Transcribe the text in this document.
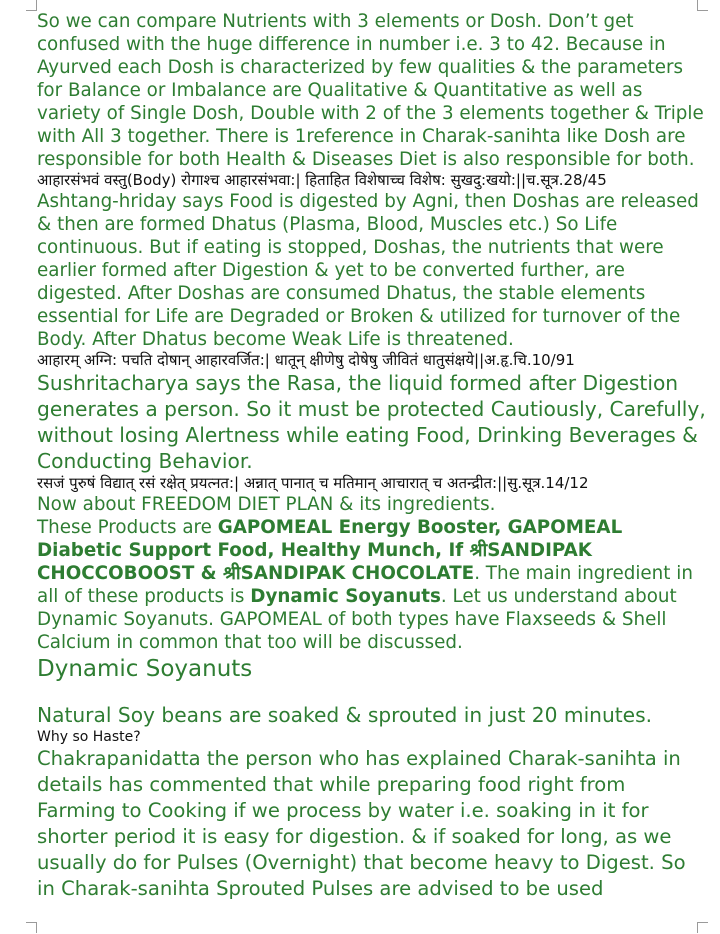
So we can compare Nutrients with 3 elements or Dosh. Don’t get confused with the huge difference in number i.e. 3 to 42. Because in Ayurved each Dosh is characterized by few qualities & the parameters for Balance or Imbalance are Qualitative & Quantitative as well as variety of Single Dosh, Double with 2 of the 3 elements together & Triple with All 3 together. There is 1reference in Charak-sanihta like Dosh are responsible for both Health & Diseases Diet is also responsible for both.

आहारसंभवं वस्तु(Body) रोगाश्च आहारसंभवा:| हिताहित विशेषाच्च विशेष: सुखदु:खयो:||च.सूत्र.28/45

Ashtang-hriday says Food is digested by Agni, then Doshas are released & then are formed Dhatus (Plasma, Blood, Muscles etc.) So Life continuous. But if eating is stopped, Doshas, the nutrients that were earlier formed after Digestion & yet to be converted further, are digested. After Doshas are consumed Dhatus, the stable elements essential for Life are Degraded or Broken & utilized for turnover of the Body. After Dhatus become Weak Life is threatened.

आहारम् अग्नि: पचति दोषान् आहारवर्जित:| धातून् क्षीणेषु दोषेषु जीवितं धातुसंक्षये||अ.हृ.चि.10/91

Sushritacharya says the Rasa, the liquid formed after Digestion generates a person. So it must be protected Cautiously, Carefully, without losing Alertness while eating Food, Drinking Beverages & Conducting Behavior.

रसजं पुरुषं विद्यात् रसं रक्षेत् प्रयत्नत:| अन्नात् पानात् च मतिमान् आचारात् च अतन्द्रीत:||सु.सूत्र.14/12

Now about FREEDOM DIET PLAN & its ingredients.

These Products are GAPOMEAL Energy Booster, GAPOMEAL Diabetic Support Food, Healthy Munch, If श्रीSANDIPAK CHOCCOBOOST & श्रीSANDIPAK CHOCOLATE. The main ingredient in all of these products is Dynamic Soyanuts. Let us understand about Dynamic Soyanuts. GAPOMEAL of both types have Flaxseeds & Shell Calcium in common that too will be discussed.

Dynamic Soyanuts

Natural Soy beans are soaked & sprouted in just 20 minutes.

Why so Haste?

Chakrapanidatta the person who has explained Charak-sanihta in details has commented that while preparing food right from Farming to Cooking if we process by water i.e. soaking in it for shorter period it is easy for digestion. & if soaked for long, as we usually do for Pulses (Overnight) that become heavy to Digest. So in Charak-sanihta Sprouted Pulses are advised to be used
